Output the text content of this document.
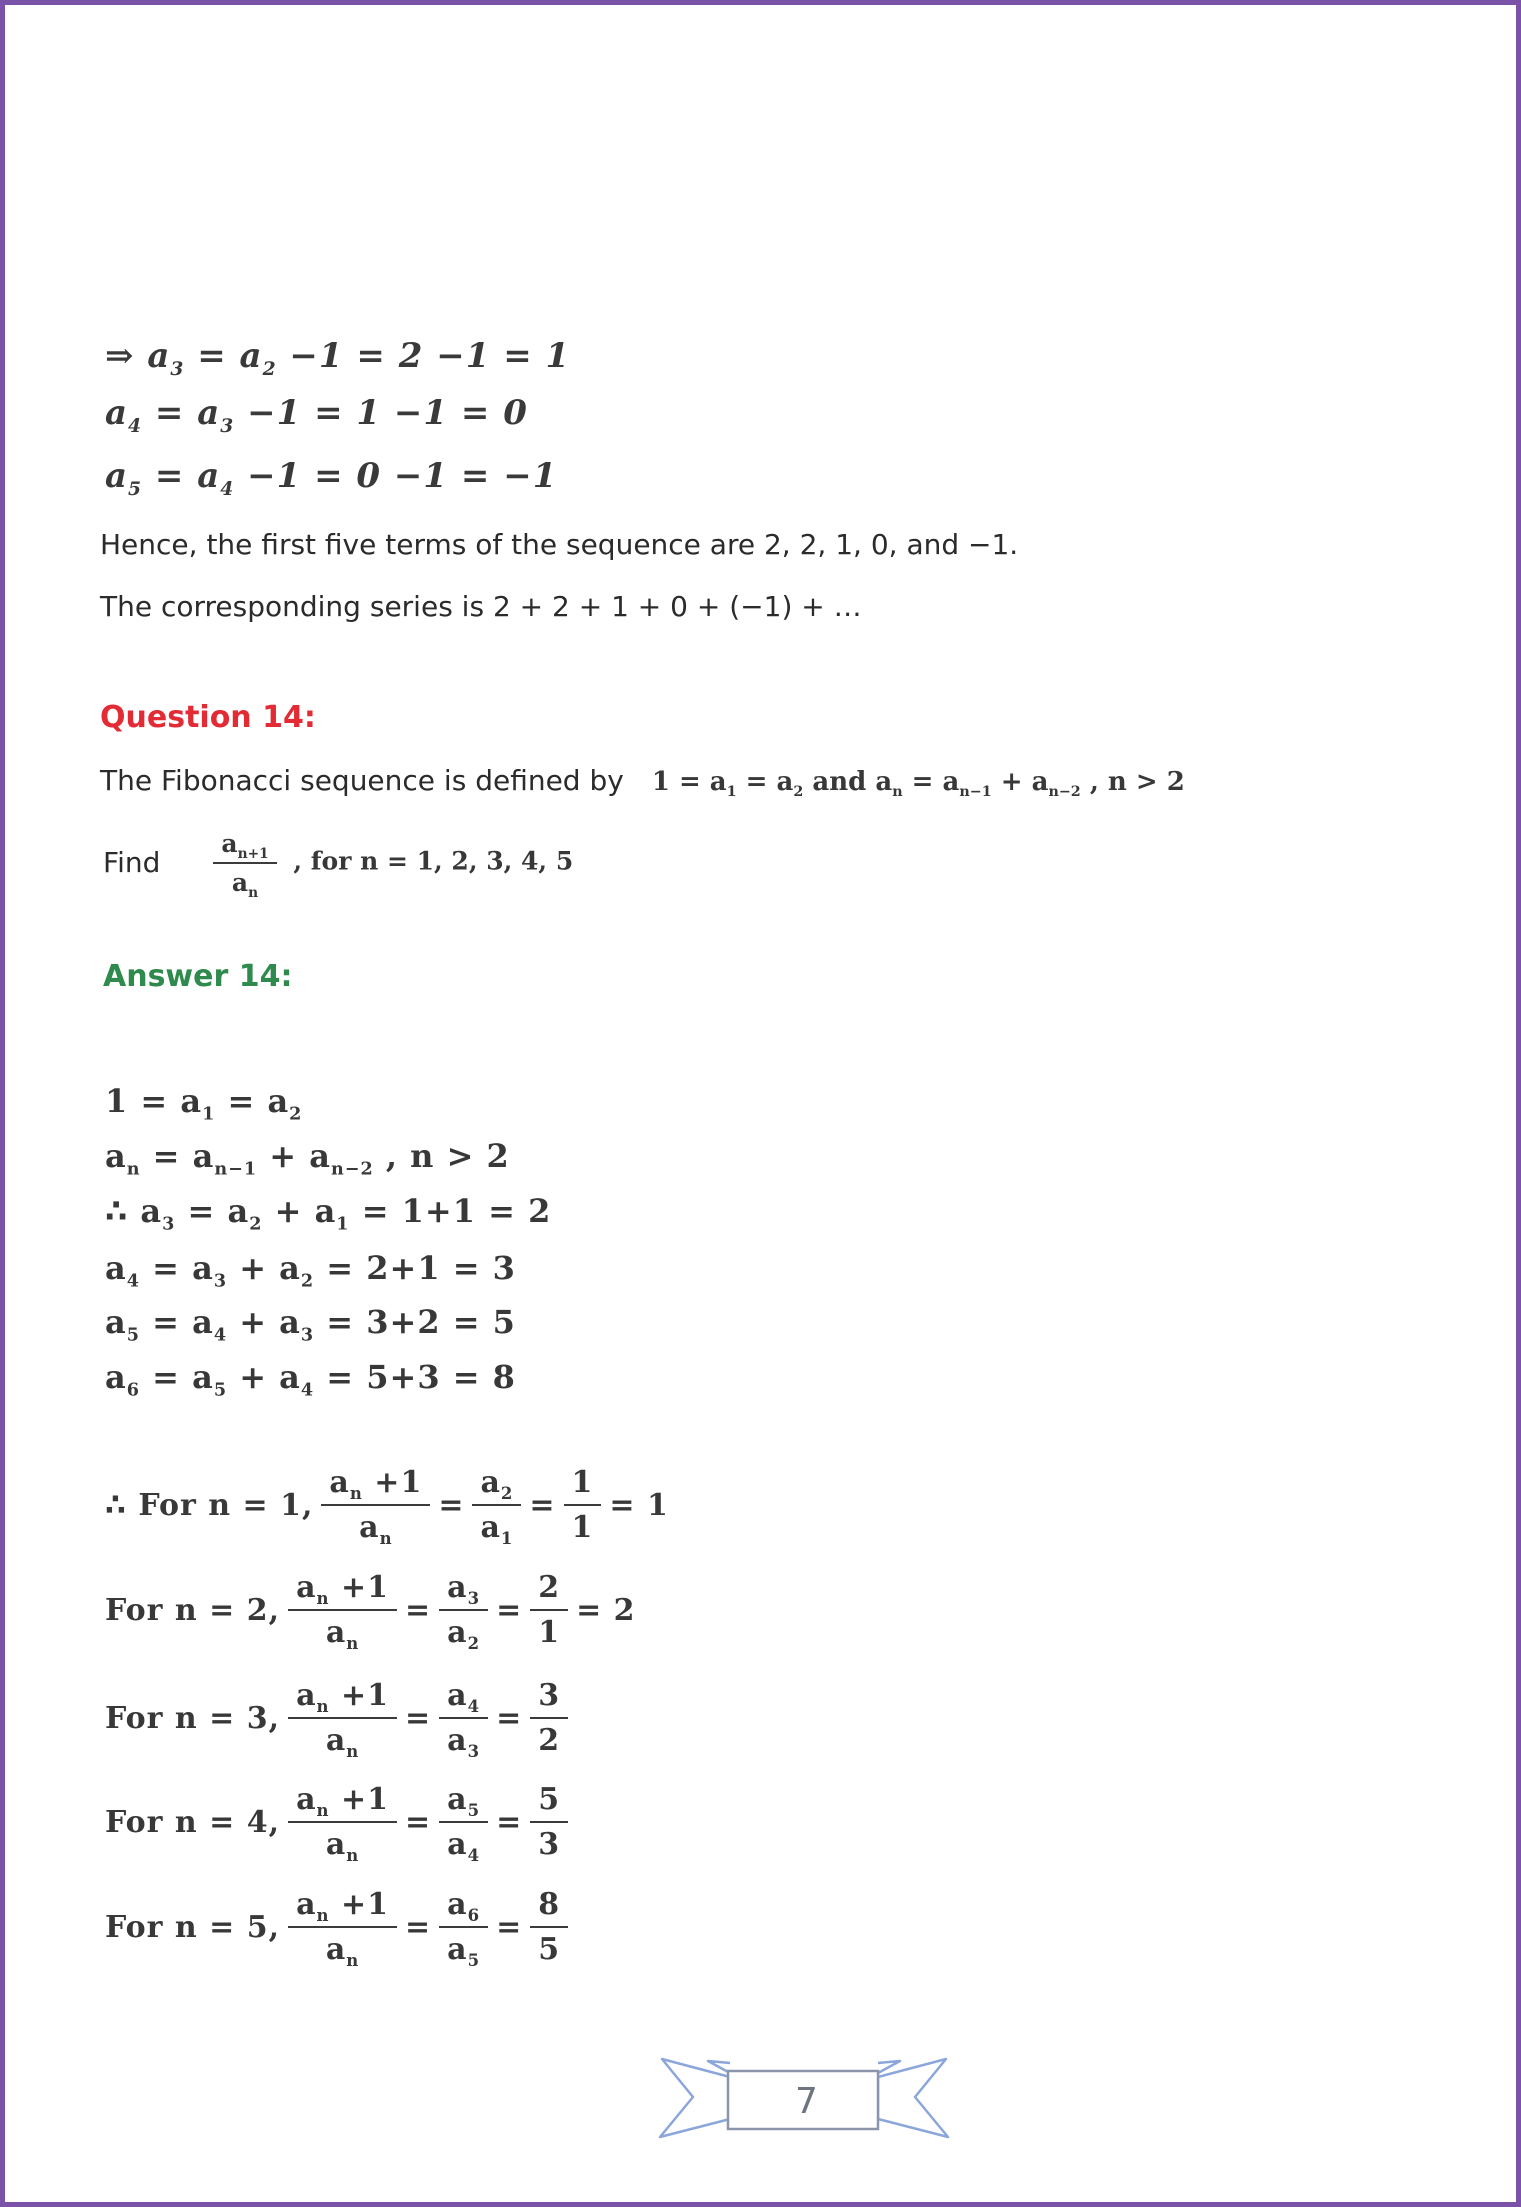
⇒ $a_3 = a_2 -1 = 2 -1 = 1$
$a_4 = a_3 -1 = 1 -1 = 0$
$a_5 = a_4 -1 = 0 -1 = -1$
Hence, the first five terms of the sequence are 2, 2, 1, 0, and −1.
The corresponding series is 2 + 2 + 1 + 0 + (−1) + …
Question 14:
The Fibonacci sequence is defined by $1 = a_1 = a_2$ and $a_n = a_{n-1} + a_{n-2}$ , n > 2
Find $\frac{a_{n+1}}{a_n}$ , for n = 1, 2, 3, 4, 5
Answer 14:
$1 = a_1 = a_2$
$a_n = a_{n-1} + a_{n-2}$ , n > 2
∴ $a_3 = a_2 + a_1 = 1+1 = 2$
$a_4 = a_3 + a_2 = 2+1 = 3$
$a_5 = a_4 + a_3 = 3+2 = 5$
$a_6 = a_5 + a_4 = 5+3 = 8$
∴ For n = 1, $\frac{a_n +1}{a_n} = \frac{a_2}{a_1} = \frac{1}{1} = 1$
For n = 2, $\frac{a_n +1}{a_n} = \frac{a_3}{a_2} = \frac{2}{1} = 2$
For n = 3, $\frac{a_n +1}{a_n} = \frac{a_4}{a_3} = \frac{3}{2}$
For n = 4, $\frac{a_n +1}{a_n} = \frac{a_5}{a_4} = \frac{5}{3}$
For n = 5, $\frac{a_n +1}{a_n} = \frac{a_6}{a_5} = \frac{8}{5}$
7
